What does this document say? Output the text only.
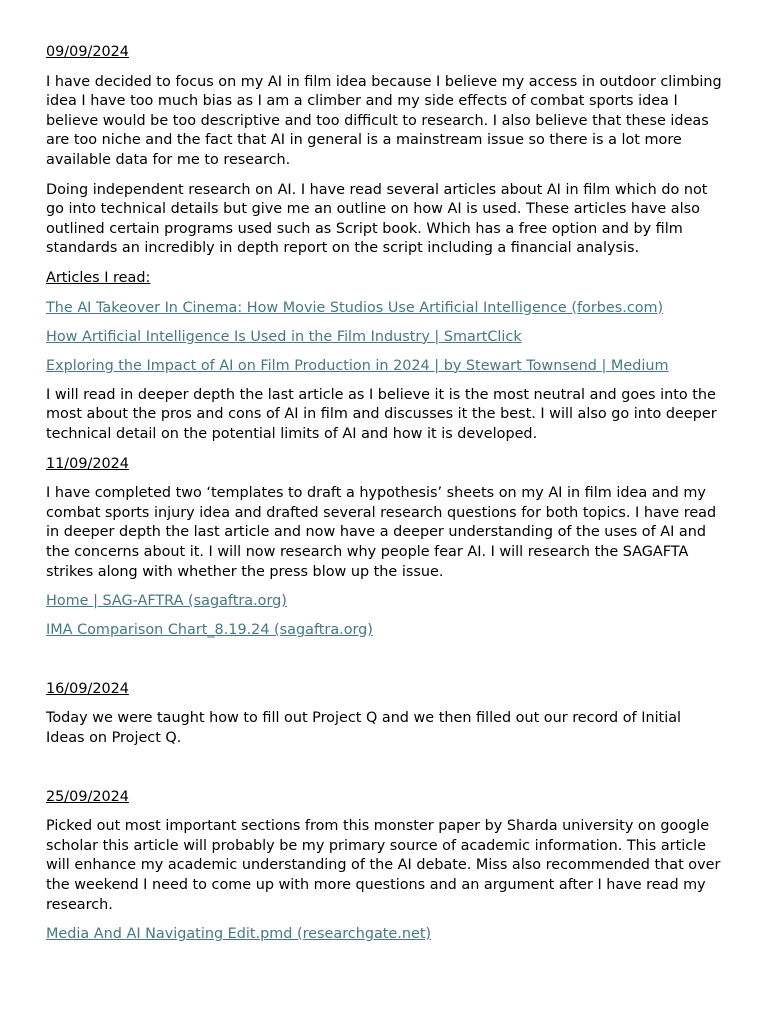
09/09/2024

I have decided to focus on my AI in film idea because I believe my access in outdoor climbing idea I have too much bias as I am a climber and my side effects of combat sports idea I believe would be too descriptive and too difficult to research. I also believe that these ideas are too niche and the fact that AI in general is a mainstream issue so there is a lot more available data for me to research.

Doing independent research on AI. I have read several articles about AI in film which do not go into technical details but give me an outline on how AI is used. These articles have also outlined certain programs used such as Script book. Which has a free option and by film standards an incredibly in depth report on the script including a financial analysis.

Articles I read:

The AI Takeover In Cinema: How Movie Studios Use Artificial Intelligence (forbes.com)

How Artificial Intelligence Is Used in the Film Industry | SmartClick

Exploring the Impact of AI on Film Production in 2024 | by Stewart Townsend | Medium

I will read in deeper depth the last article as I believe it is the most neutral and goes into the most about the pros and cons of AI in film and discusses it the best. I will also go into deeper technical detail on the potential limits of AI and how it is developed.

11/09/2024

I have completed two ‘templates to draft a hypothesis’ sheets on my AI in film idea and my combat sports injury idea and drafted several research questions for both topics. I have read in deeper depth the last article and now have a deeper understanding of the uses of AI and the concerns about it. I will now research why people fear AI. I will research the SAGAFTA strikes along with whether the press blow up the issue.

Home | SAG-AFTRA (sagaftra.org)

IMA Comparison Chart_8.19.24 (sagaftra.org)

16/09/2024

Today we were taught how to fill out Project Q and we then filled out our record of Initial Ideas on Project Q.

25/09/2024

Picked out most important sections from this monster paper by Sharda university on google scholar this article will probably be my primary source of academic information. This article will enhance my academic understanding of the AI debate. Miss also recommended that over the weekend I need to come up with more questions and an argument after I have read my research.

Media And AI Navigating Edit.pmd (researchgate.net)
